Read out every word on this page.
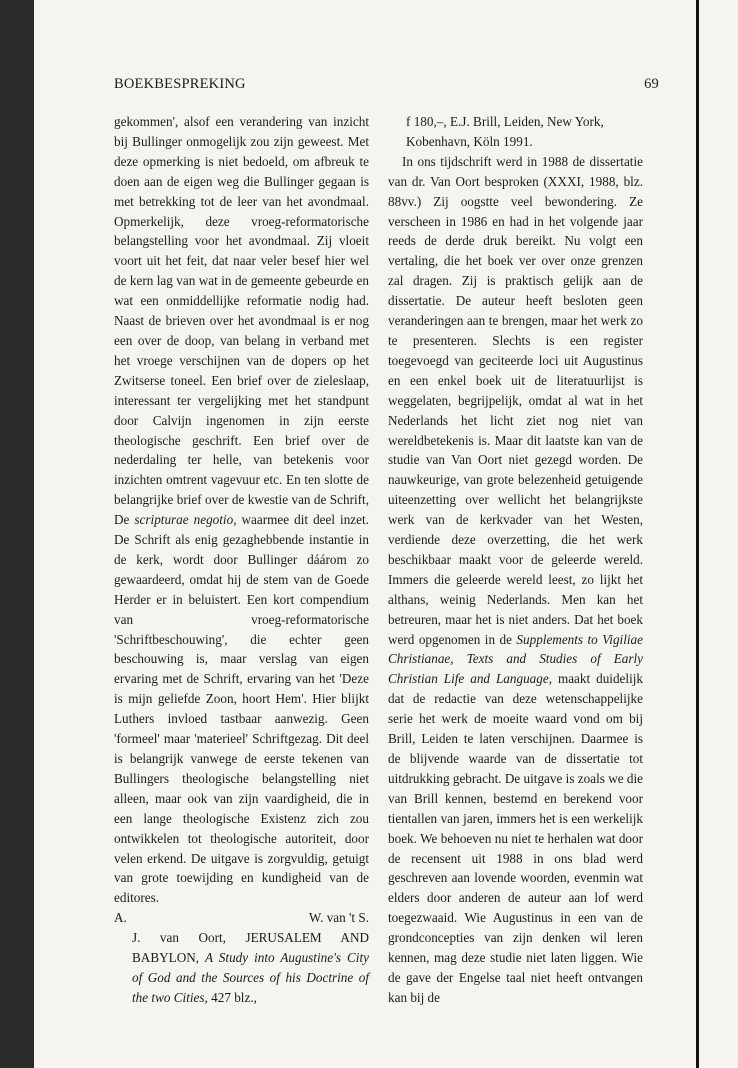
BOEKBESPREKING	69

gekommen', alsof een verandering van inzicht bij Bullinger onmogelijk zou zijn geweest. Met deze opmerking is niet bedoeld, om afbreuk te doen aan de eigen weg die Bullinger gegaan is met betrekking tot de leer van het avondmaal. Opmerkelijk, deze vroeg-reformatorische belangstelling voor het avondmaal. Zij vloeit voort uit het feit, dat naar veler besef hier wel de kern lag van wat in de gemeente gebeurde en wat een onmiddellijke reformatie nodig had. Naast de brieven over het avondmaal is er nog een over de doop, van belang in verband met het vroege verschijnen van de dopers op het Zwitserse toneel. Een brief over de zieleslaap, interessant ter vergelijking met het standpunt door Calvijn ingenomen in zijn eerste theologische geschrift. Een brief over de nederdaling ter helle, van betekenis voor inzichten omtrent vagevuur etc. En ten slotte de belangrijke brief over de kwestie van de Schrift, De scripturae negotio, waarmee dit deel inzet. De Schrift als enig gezaghebbende instantie in de kerk, wordt door Bullinger dáárom zo gewaardeerd, omdat hij de stem van de Goede Herder er in beluistert. Een kort compendium van vroeg-reformatorische 'Schriftbeschouwing', die echter geen beschouwing is, maar verslag van eigen ervaring met de Schrift, ervaring van het 'Deze is mijn geliefde Zoon, hoort Hem'. Hier blijkt Luthers invloed tastbaar aanwezig. Geen 'formeel' maar 'materieel' Schriftgezag. Dit deel is belangrijk vanwege de eerste tekenen van Bullingers theologische belangstelling niet alleen, maar ook van zijn vaardigheid, die in een lange theologische Existenz zich zou ontwikkelen tot theologische autoriteit, door velen erkend. De uitgave is zorgvuldig, getuigt van grote toewijding en kundigheid van de editores.

A.	W. van 't S.

J. van Oort, JERUSALEM AND BABYLON, A Study into Augustine's City of God and the Sources of his Doctrine of the two Cities, 427 blz.,

f 180,–, E.J. Brill, Leiden, New York, Kobenhavn, Köln 1991.

In ons tijdschrift werd in 1988 de dissertatie van dr. Van Oort besproken (XXXI, 1988, blz. 88vv.) Zij oogstte veel bewondering. Ze verscheen in 1986 en had in het volgende jaar reeds de derde druk bereikt. Nu volgt een vertaling, die het boek ver over onze grenzen zal dragen. Zij is praktisch gelijk aan de dissertatie. De auteur heeft besloten geen veranderingen aan te brengen, maar het werk zo te presenteren. Slechts is een register toegevoegd van geciteerde loci uit Augustinus en een enkel boek uit de literatuurlijst is weggelaten, begrijpelijk, omdat al wat in het Nederlands het licht ziet nog niet van wereldbetekenis is. Maar dit laatste kan van de studie van Van Oort niet gezegd worden. De nauwkeurige, van grote belezenheid getuigende uiteenzetting over wellicht het belangrijkste werk van de kerkvader van het Westen, verdiende deze overzetting, die het werk beschikbaar maakt voor de geleerde wereld. Immers die geleerde wereld leest, zo lijkt het althans, weinig Nederlands. Men kan het betreuren, maar het is niet anders. Dat het boek werd opgenomen in de Supplements to Vigiliae Christianae, Texts and Studies of Early Christian Life and Language, maakt duidelijk dat de redactie van deze wetenschappelijke serie het werk de moeite waard vond om bij Brill, Leiden te laten verschijnen. Daarmee is de blijvende waarde van de dissertatie tot uitdrukking gebracht. De uitgave is zoals we die van Brill kennen, bestemd en berekend voor tientallen van jaren, immers het is een werkelijk boek. We behoeven nu niet te herhalen wat door de recensent uit 1988 in ons blad werd geschreven aan lovende woorden, evenmin wat elders door anderen de auteur aan lof werd toegezwaaid. Wie Augustinus in een van de grondconcepties van zijn denken wil leren kennen, mag deze studie niet laten liggen. Wie de gave der Engelse taal niet heeft ontvangen kan bij de
